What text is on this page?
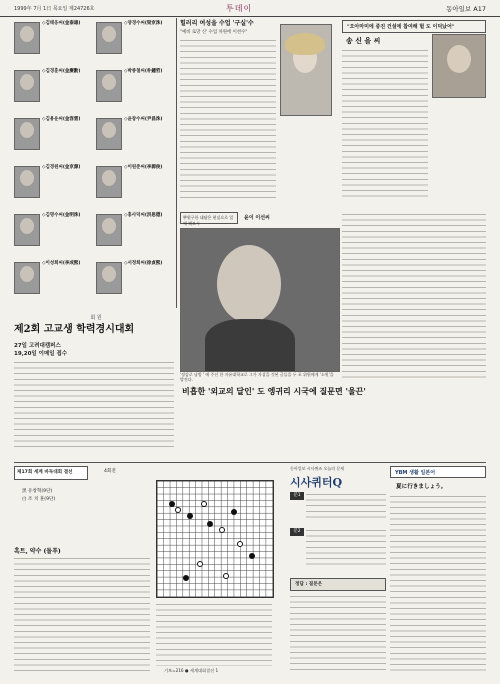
1999年 7月 1日 목요일 제24726호	투데이	동아일보 A17
◇김태웅씨(金泰雄)
◇김경훈씨(金慶勳)
◇김용운씨(金容雲)
◇김경원씨(金京源)
◇김명수씨(金明洙)
◇이성희씨(李成熙)
◇양경수씨(梁京洙)
◇박종철씨(朴鍾哲)
◇윤창수씨(尹昌洙)
◇이원준씨(李源俊)
◇홍사덕씨(洪思德)
◇서정희씨(徐貞熙)
힐러리 여성을 수업 '구실'수
"예비 로망 신' 수업 차원에 이천수"
"오아마미에 중진 건설에 참여해 헐 도 이딕났어"
송 신 을 씨
뿌원구한 대답은 현실으로 일에 해보시
윤이 이선씨
'정감로 남방 ' 에 주선 한 자유대학교로 그가 자삽을 것된 글들을 두 포 위원에게 '소원'을 발전다.
비흡한 '외교의 달인' 도 엥귀리 시국에 질문면 '울끈'
회 원
제2회 고교생 학력경시대회
27일 고려대캠퍼스
19,20일 이메일 접수
제17회 세계 바둑대회 결선	4회전
黑 유창혁(9단)
白 조 치 훈(9단)
흑트, 약수 (돌푸)
기보=216 ● 세계대회결선 1
동아일보 시사퀴즈 오늘의 문제
시사퀴터Q
문1
문2
정답 : 질문은
YBM 생활 일본어
夏に行きましょう。
